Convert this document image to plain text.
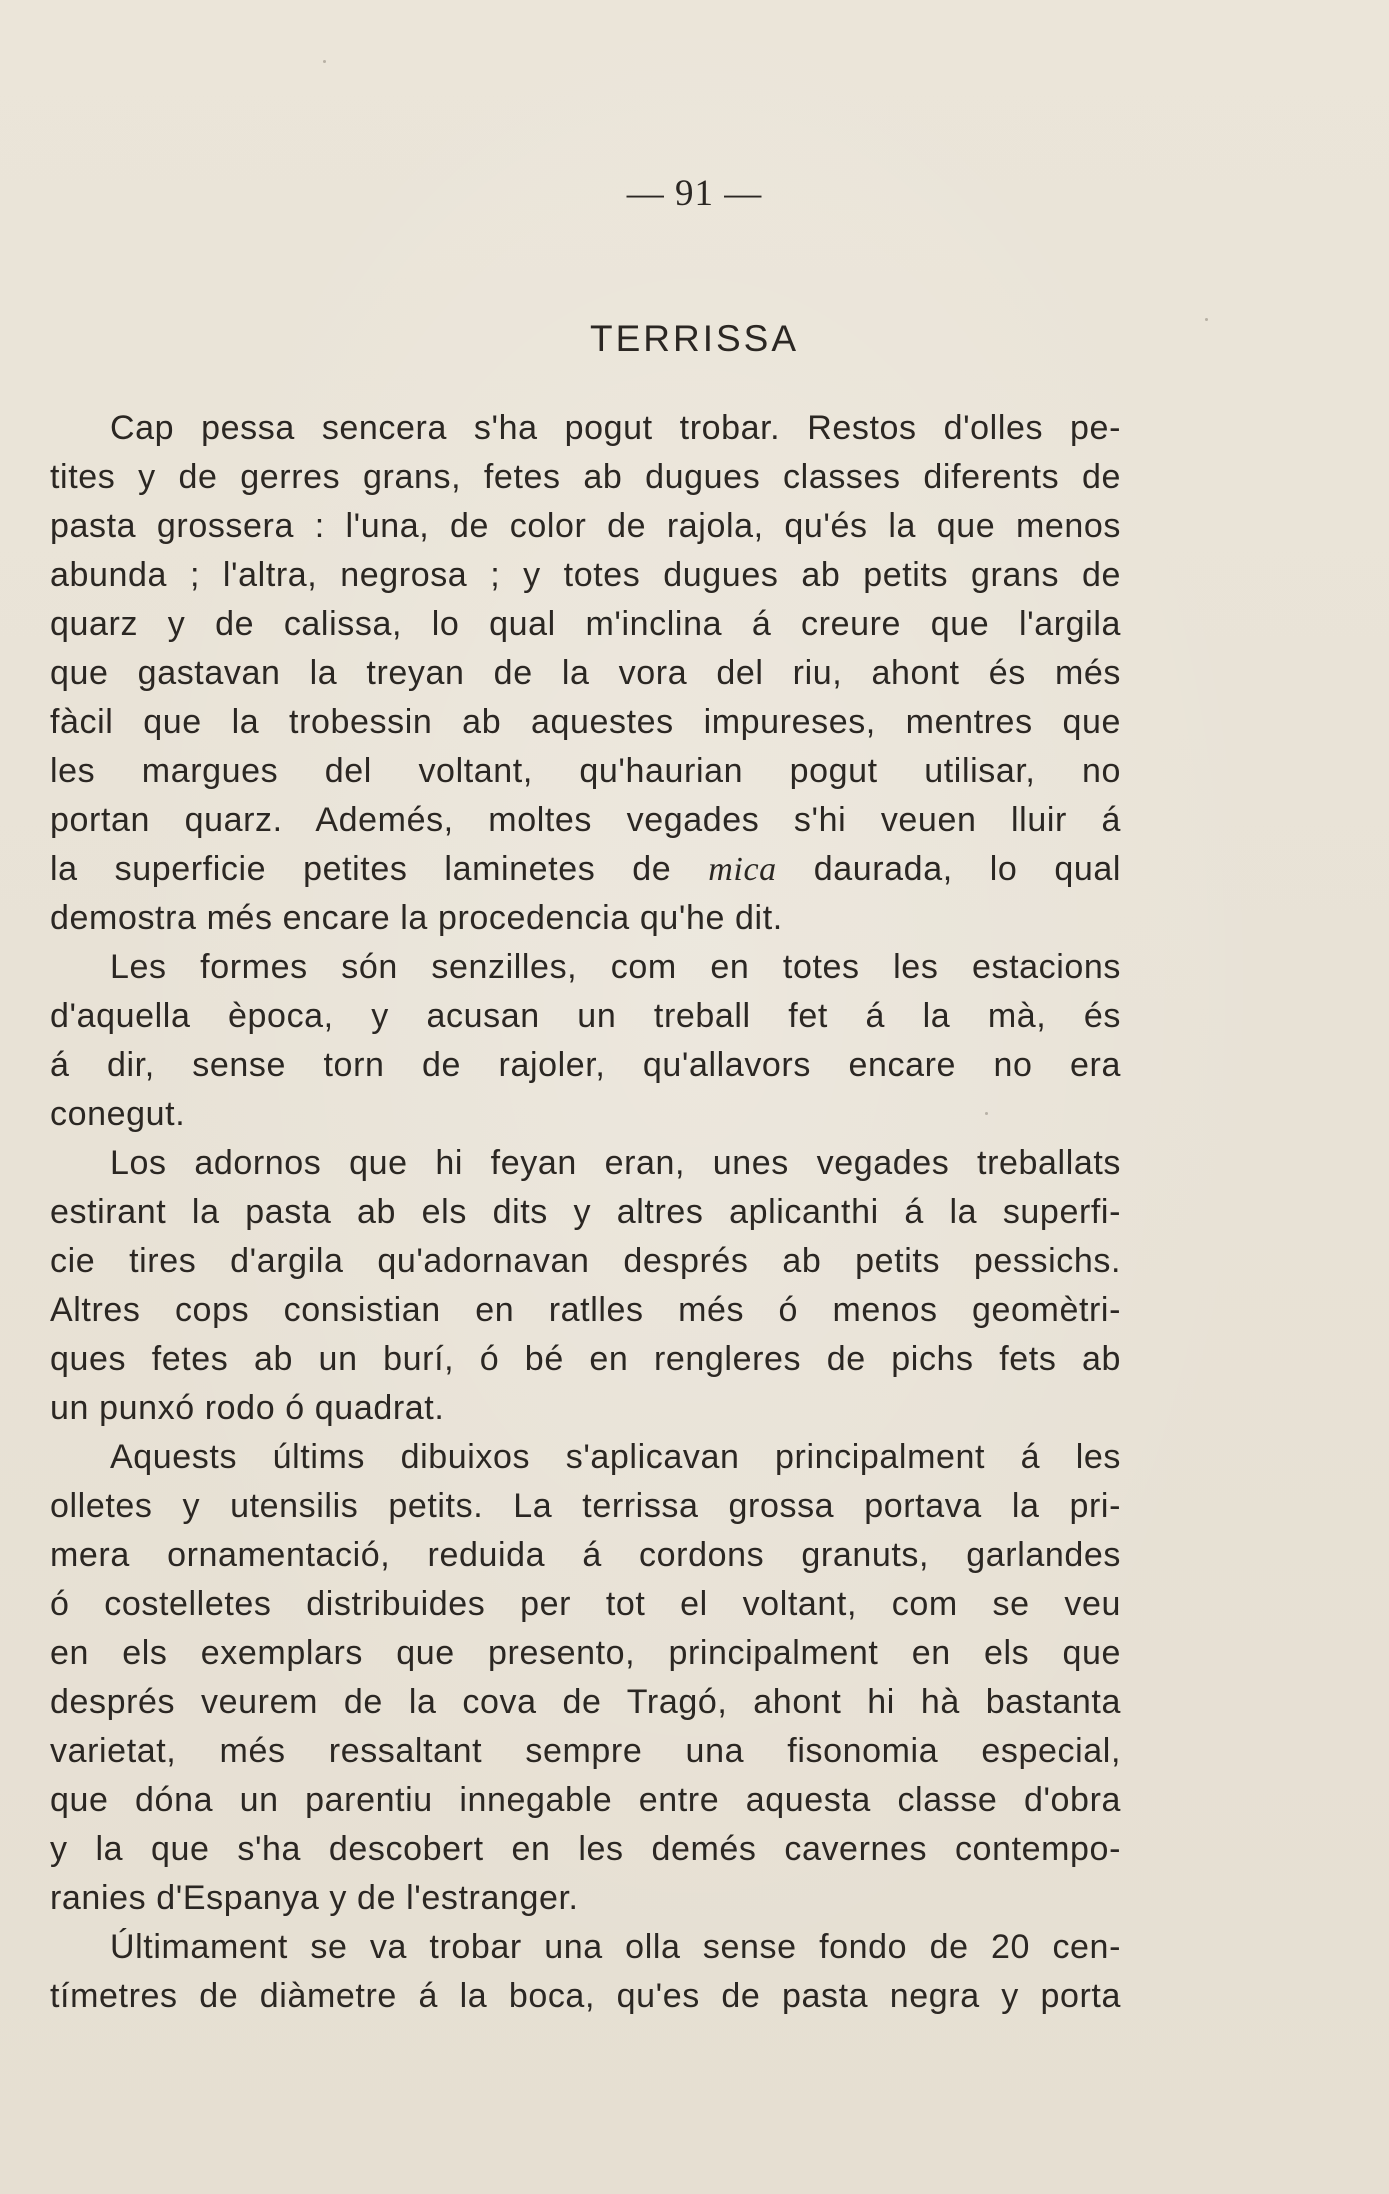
— 91 —
TERRISSA
Cap pessa sencera s'ha pogut trobar. Restos d'olles pe-
tites y de gerres grans, fetes ab dugues classes diferents de
pasta grossera : l'una, de color de rajola, qu'és la que menos
abunda ; l'altra, negrosa ; y totes dugues ab petits grans de
quarz y de calissa, lo qual m'inclina á creure que l'argila
que gastavan la treyan de la vora del riu, ahont és més
fàcil que la trobessin ab aquestes impureses, mentres que
les margues del voltant, qu'haurian pogut utilisar, no
portan quarz. Ademés, moltes vegades s'hi veuen lluir á
la superficie petites laminetes de mica daurada, lo qual
demostra més encare la procedencia qu'he dit.
Les formes són senzilles, com en totes les estacions
d'aquella època, y acusan un treball fet á la mà, és
á dir, sense torn de rajoler, qu'allavors encare no era
conegut.
Los adornos que hi feyan eran, unes vegades treballats
estirant la pasta ab els dits y altres aplicanthi á la superfi-
cie tires d'argila qu'adornavan després ab petits pessichs.
Altres cops consistian en ratlles més ó menos geomètri-
ques fetes ab un burí, ó bé en rengleres de pichs fets ab
un punxó rodo ó quadrat.
Aquests últims dibuixos s'aplicavan principalment á les
olletes y utensilis petits. La terrissa grossa portava la pri-
mera ornamentació, reduida á cordons granuts, garlandes
ó costelletes distribuides per tot el voltant, com se veu
en els exemplars que presento, principalment en els que
després veurem de la cova de Tragó, ahont hi hà bastanta
varietat, més ressaltant sempre una fisonomia especial,
que dóna un parentiu innegable entre aquesta classe d'obra
y la que s'ha descobert en les demés cavernes contempo-
ranies d'Espanya y de l'estranger.
Últimament se va trobar una olla sense fondo de 20 cen-
tímetres de diàmetre á la boca, qu'es de pasta negra y porta
